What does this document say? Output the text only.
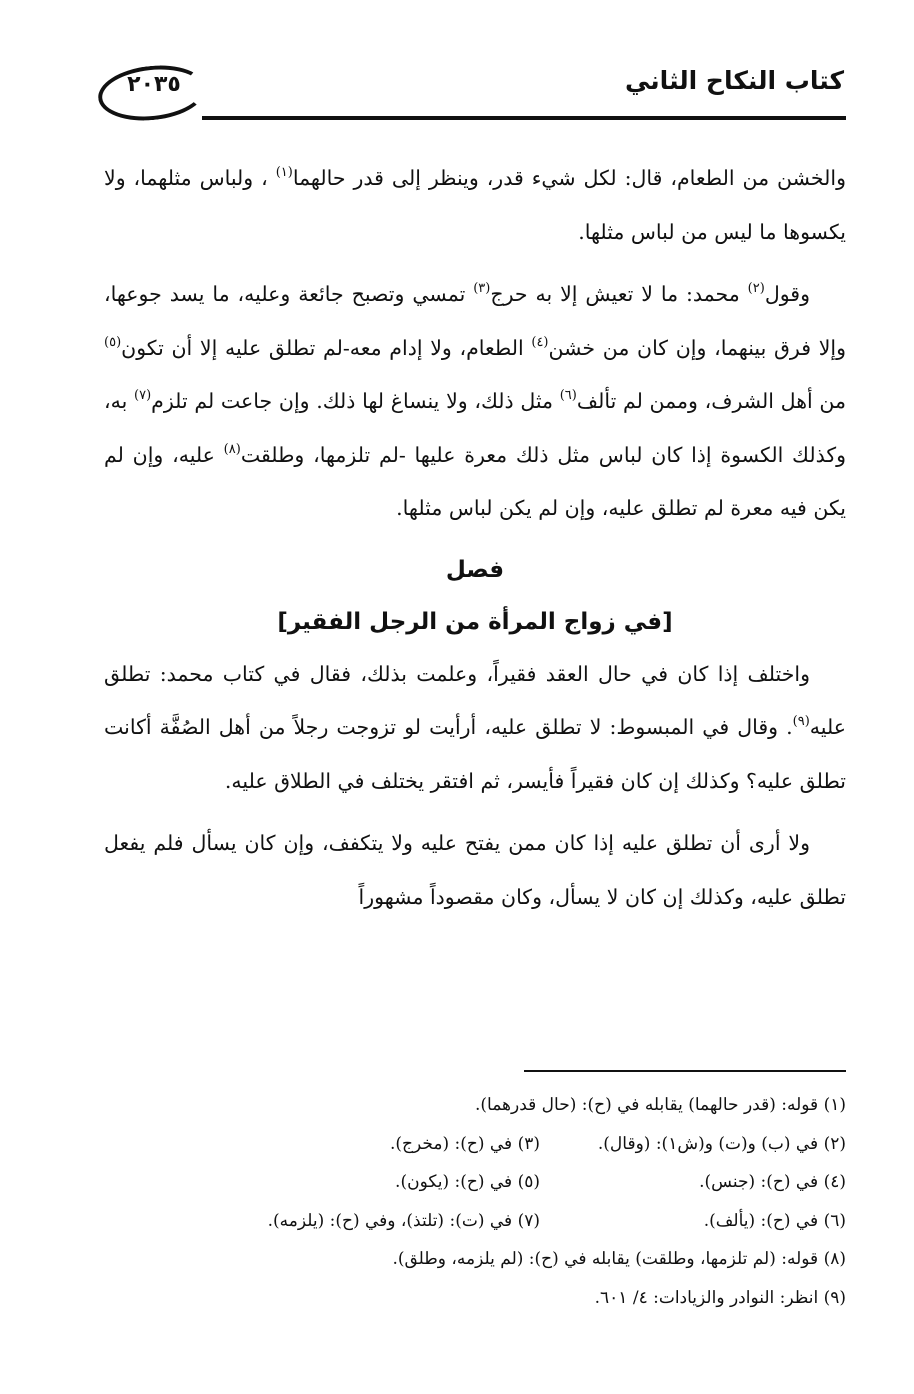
٢٠٣٥	كتاب النكاح الثاني

والخشن من الطعام، قال: لكل شيء قدر، وينظر إلى قدر حالهما$^{(١)}$ ، ولباس مثلهما، ولا يكسوها ما ليس من لباس مثلها.

وقول$^{(٢)}$ محمد: ما لا تعيش إلا به حرج$^{(٣)}$ تمسي وتصبح جائعة وعليه، ما يسد جوعها، وإلا فرق بينهما، وإن كان من خشن$^{(٤)}$ الطعام، ولا إدام معه-لم تطلق عليه إلا أن تكون$^{(٥)}$ من أهل الشرف، وممن لم تألف$^{(٦)}$ مثل ذلك، ولا ينساغ لها ذلك. وإن جاعت لم تلزم$^{(٧)}$ به، وكذلك الكسوة إذا كان لباس مثل ذلك معرة عليها -لم تلزمها، وطلقت$^{(٨)}$ عليه، وإن لم يكن فيه معرة لم تطلق عليه، وإن لم يكن لباس مثلها.

فصل

[في زواج المرأة من الرجل الفقير]

واختلف إذا كان في حال العقد فقيراً، وعلمت بذلك، فقال في كتاب محمد: تطلق عليه$^{(٩)}$. وقال في المبسوط: لا تطلق عليه، أرأيت لو تزوجت رجلاً من أهل الصُفَّة أكانت تطلق عليه؟ وكذلك إن كان فقيراً فأيسر، ثم افتقر يختلف في الطلاق عليه.

ولا أرى أن تطلق عليه إذا كان ممن يفتح عليه ولا يتكفف، وإن كان يسأل فلم يفعل تطلق عليه، وكذلك إن كان لا يسأل، وكان مقصوداً مشهوراً

(١) قوله: (قدر حالهما) يقابله في (ح): (حال قدرهما).
(٢) في (ب) و(ت) و(ش١): (وقال).
(٣) في (ح): (مخرج).
(٤) في (ح): (جنس).
(٥) في (ح): (يكون).
(٦) في (ح): (يألف).
(٧) في (ت): (تلتذ)، وفي (ح): (يلزمه).
(٨) قوله: (لم تلزمها، وطلقت) يقابله في (ح): (لم يلزمه، وطلق).
(٩) انظر: النوادر والزيادات: ٤/ ٦٠١.
